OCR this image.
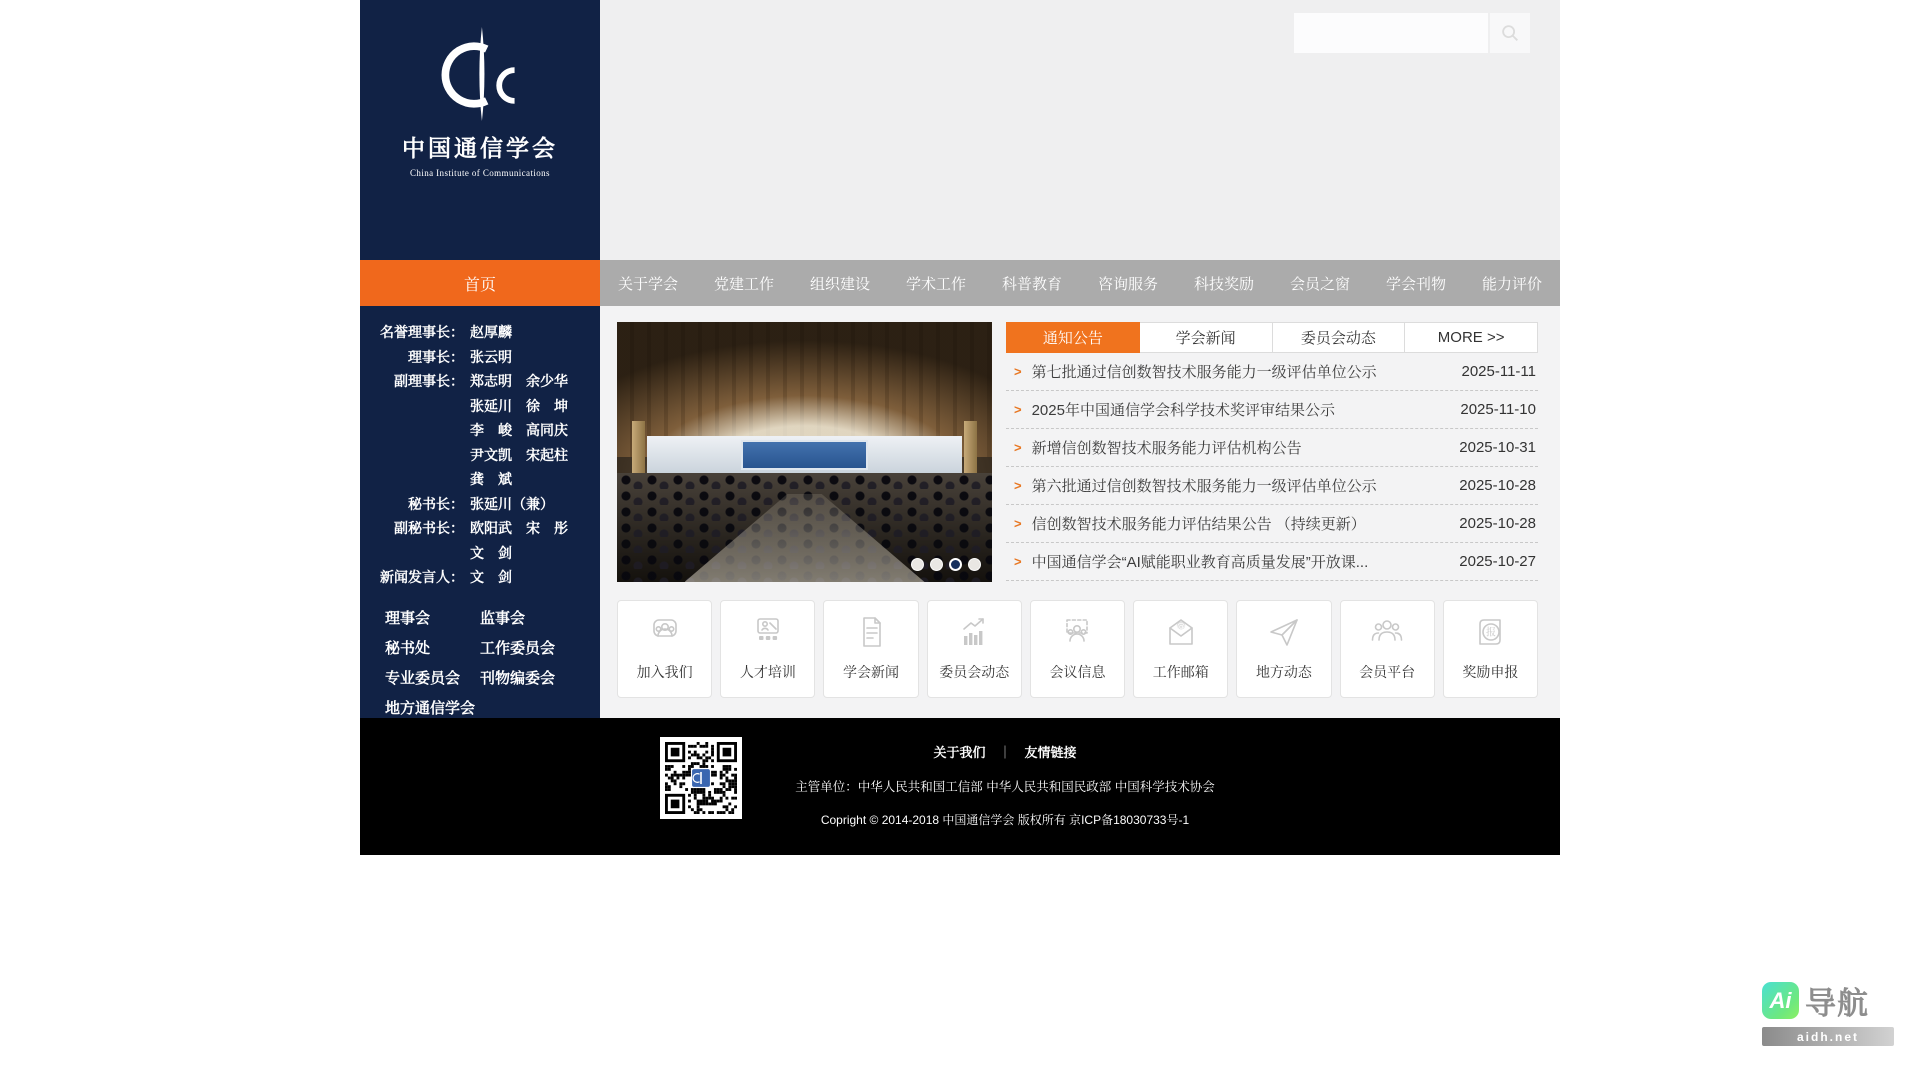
中国通信学会
China Institute of Communications
首页	关于学会	党建工作	组织建设	学术工作	科普教育	咨询服务	科技奖励	会员之窗	学会刊物	能力评价
名誉理事长： 赵厚麟
理事长： 张云明
副理事长： 郑志明　余少华
张延川　徐　坤
李　峻　高同庆
尹文凯　宋起柱
龚　斌
秘书长： 张延川（兼）
副秘书长： 欧阳武　宋　彤
文　剑
新闻发言人： 文　剑
理事会	监事会
秘书处	工作委员会
专业委员会	刊物编委会
地方通信学会
通知公告	学会新闻	委员会动态	MORE >>
> 第七批通过信创数智技术服务能力一级评估单位公示	2025-11-11
> 2025年中国通信学会科学技术奖评审结果公示	2025-11-10
> 新增信创数智技术服务能力评估机构公告	2025-10-31
> 第六批通过信创数智技术服务能力一级评估单位公示	2025-10-28
> 信创数智技术服务能力评估结果公告 （持续更新）	2025-10-28
> 中国通信学会“AI赋能职业教育高质量发展”开放课...	2025-10-27
加入我们	人才培训	学会新闻	委员会动态	会议信息
@
工作邮箱	地方动态	会员平台
报
奖励申报
关于我们 ｜ 友情链接
主管单位：中华人民共和国工信部 中华人民共和国民政部 中国科学技术协会
Copright © 2014-2018 中国通信学会 版权所有 京ICP备18030733号-1
Ai 导航
aidh.net
